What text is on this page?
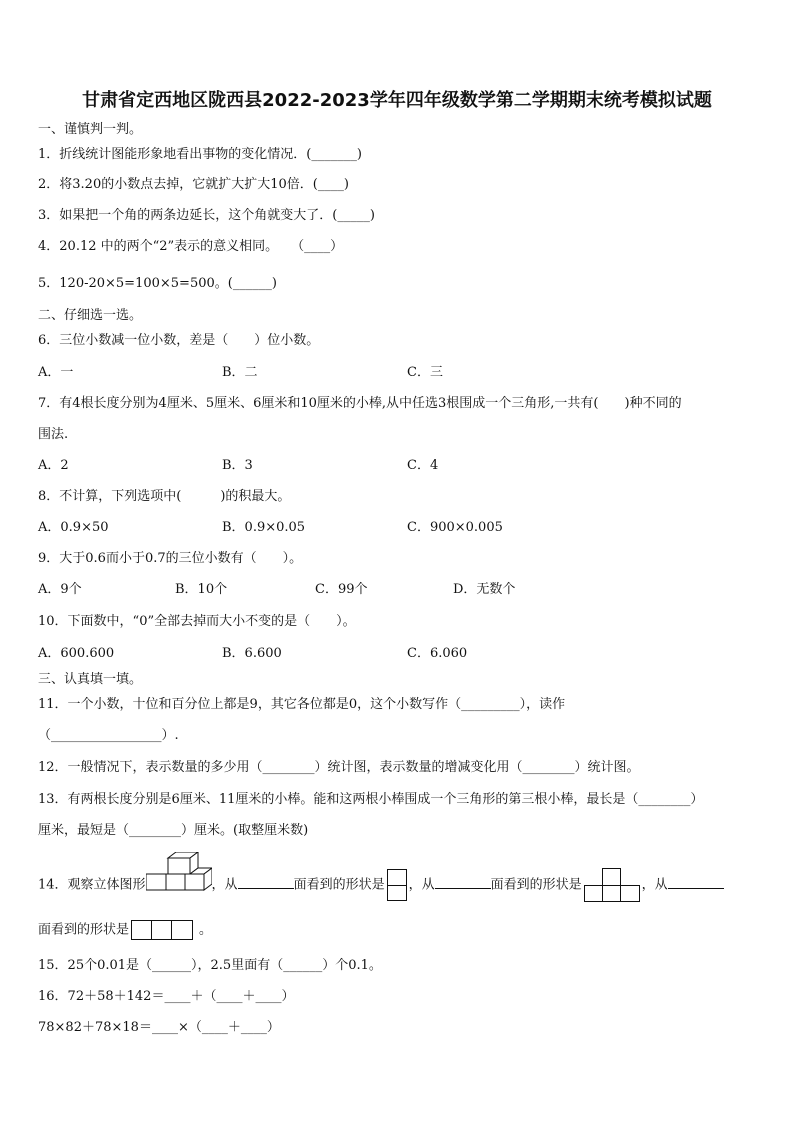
甘肃省定西地区陇西县2022-2023学年四年级数学第二学期期末统考模拟试题
一、谨慎判一判。
1．折线统计图能形象地看出事物的变化情况．(_______)
2．将3.20的小数点去掉，它就扩大扩大10倍．(____)
3．如果把一个角的两条边延长，这个角就变大了．(_____)
4．20.12 中的两个“2”表示的意义相同。　　（____）
5．120-20×5=100×5=500。(______)
二、仔细选一选。
6．三位小数减一位小数，差是（　　）位小数。
A．一	B．二	C．三
7．有4根长度分别为4厘米、5厘米、6厘米和10厘米的小棒,从中任选3根围成一个三角形,一共有(　　)种不同的
围法.
A．2	B．3	C．4
8．不计算，下列选项中(　　　)的积最大。
A．0.9×50	B．0.9×0.05	C．900×0.005
9．大于0.6而小于0.7的三位小数有（　　）。
A．9个	B．10个	C．99个	D．无数个
10．下面数中，“0”全部去掉而大小不变的是（　　）。
A．600.600	B．6.600	C．6.060
三、认真填一填。
11．一个小数，十位和百分位上都是9，其它各位都是0，这个小数写作（_________），读作
（_________________）.
12．一般情况下，表示数量的多少用（________）统计图，表示数量的增减变化用（________）统计图。
13．有两根长度分别是6厘米、11厘米的小棒。能和这两根小棒围成一个三角形的第三根小棒，最长是（________）
厘米，最短是（________）厘米。(取整厘米数)
14．观察立体图形	，从	面看到的形状是 ，从	面看到的形状是	，从
面看到的形状是	。
15．25个0.01是（______），2.5里面有（______）个0.1。
16．72＋58＋142＝____＋（____＋____）
78×82＋78×18＝____×（____＋____）
